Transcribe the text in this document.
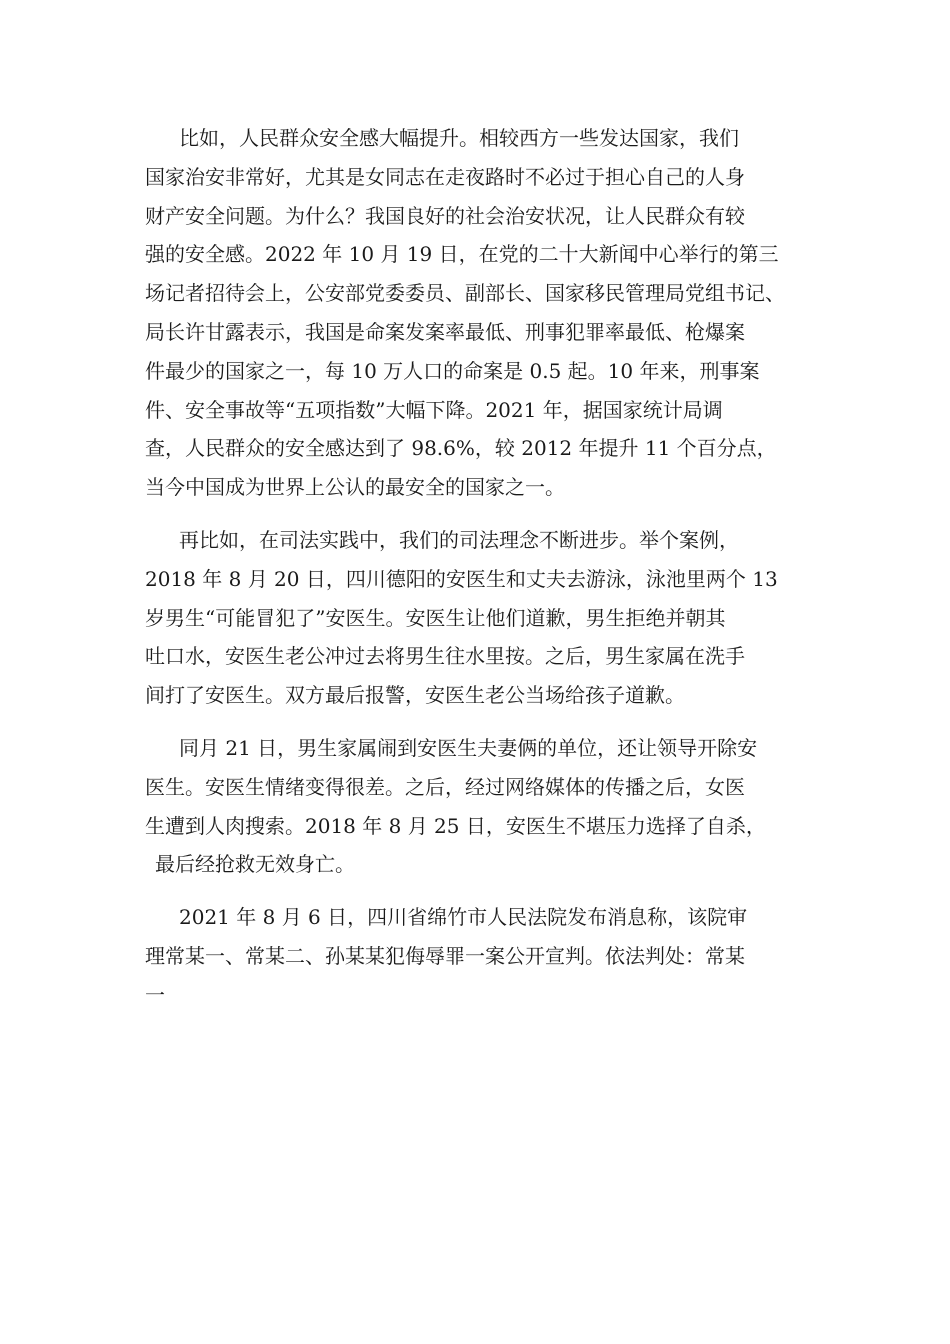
比如，人民群众安全感大幅提升。相较西方一些发达国家，我们
国家治安非常好，尤其是女同志在走夜路时不必过于担心自己的人身
财产安全问题。为什么？我国良好的社会治安状况，让人民群众有较
强的安全感。2022 年 10 月 19 日，在党的二十大新闻中心举行的第三
场记者招待会上，公安部党委委员、副部长、国家移民管理局党组书记、
局长许甘露表示，我国是命案发案率最低、刑事犯罪率最低、枪爆案
件最少的国家之一，每 10 万人口的命案是 0.5 起。10 年来，刑事案
件、安全事故等“五项指数”大幅下降。2021 年，据国家统计局调
查，人民群众的安全感达到了 98.6%，较 2012 年提升 11 个百分点，
当今中国成为世界上公认的最安全的国家之一。

再比如，在司法实践中，我们的司法理念不断进步。举个案例，
2018 年 8 月 20 日，四川德阳的安医生和丈夫去游泳，泳池里两个 13
岁男生“可能冒犯了”安医生。安医生让他们道歉，男生拒绝并朝其
吐口水，安医生老公冲过去将男生往水里按。之后，男生家属在洗手
间打了安医生。双方最后报警，安医生老公当场给孩子道歉。

同月 21 日，男生家属闹到安医生夫妻俩的单位，还让领导开除安
医生。安医生情绪变得很差。之后，经过网络媒体的传播之后，女医
生遭到人肉搜索。2018 年 8 月 25 日，安医生不堪压力选择了自杀，
最后经抢救无效身亡。

2021 年 8 月 6 日，四川省绵竹市人民法院发布消息称，该院审
理常某一、常某二、孙某某犯侮辱罪一案公开宣判。依法判处：常某
一
